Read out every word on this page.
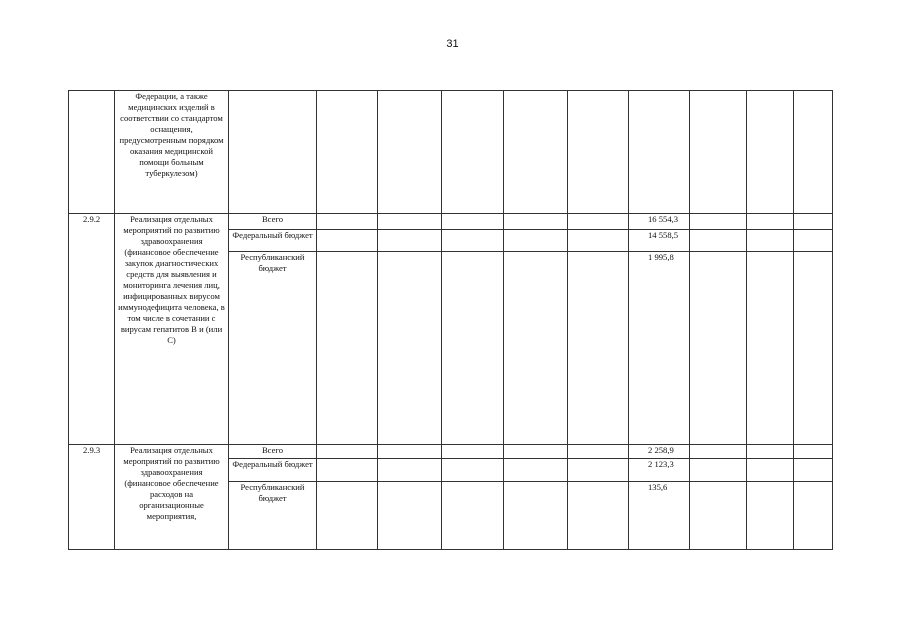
31
	Федерации, а также медицинских изделий в соответствии со стандартом оснащения, предусмотренным порядком оказания медицинской помощи больным туберкулезом)										
2.9.2	Реализация отдельных мероприятий по развитию здравоохранения (финансовое обеспечение закупок диагностических средств для выявления и мониторинга лечения лиц, инфицированных вирусом иммунодефицита человека, в том числе в сочетании с вирусам гепатитов В и (или С)	Всего						16 554,3			
		Федеральный бюджет						14 558,5			
		Республиканский бюджет						1 995,8			
2.9.3	Реализация отдельных мероприятий по развитию здравоохранения (финансовое обеспечение расходов на организационные мероприятия,	Всего						2 258,9			
		Федеральный бюджет						2 123,3			
		Республиканский бюджет						135,6			
